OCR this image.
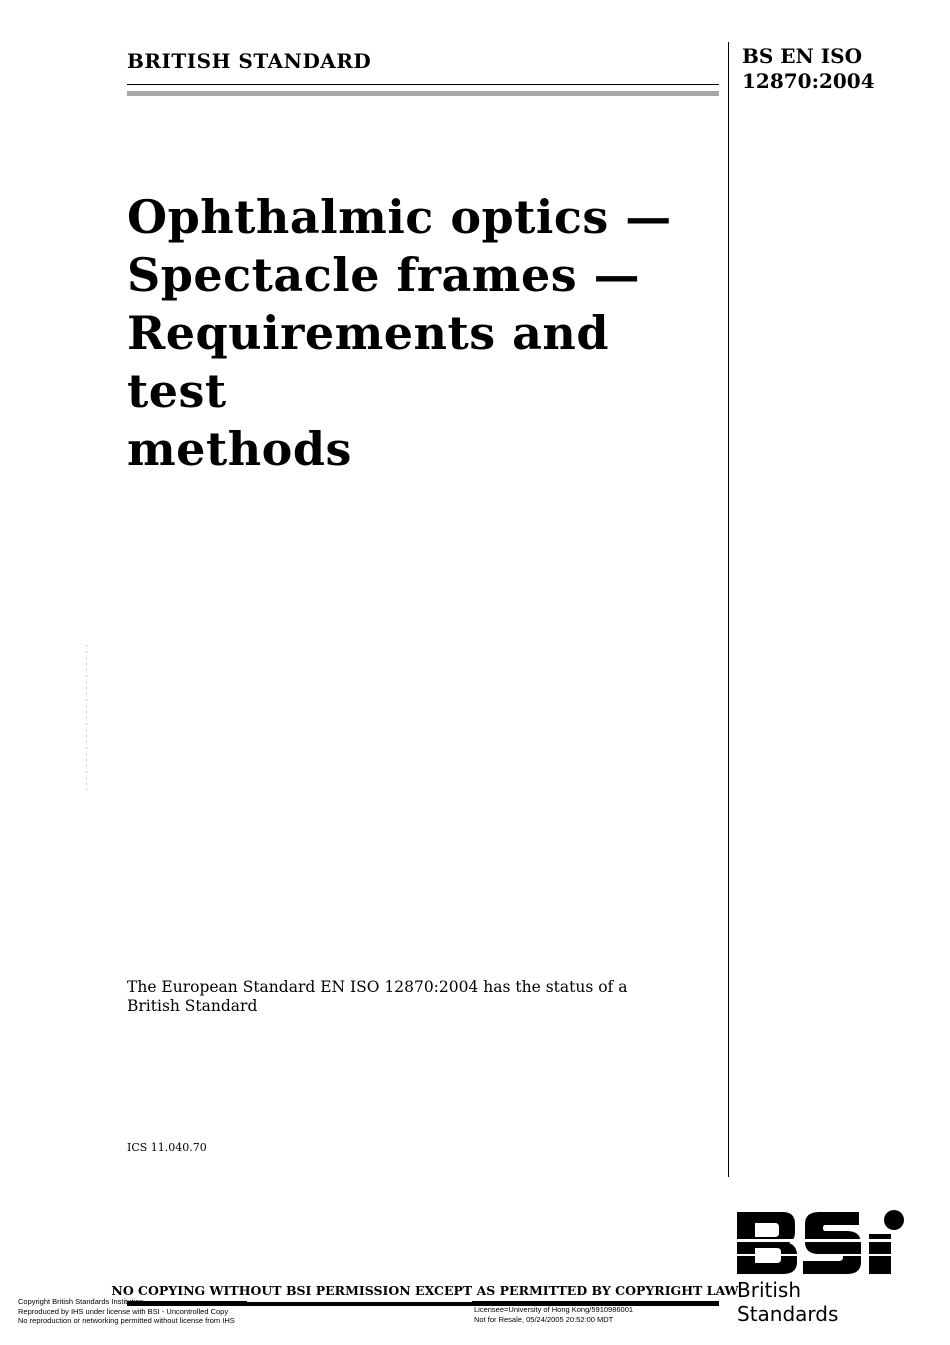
BRITISH STANDARD	BS EN ISO
12870:2004
Ophthalmic optics —
Spectacle frames —
Requirements and test
methods
The European Standard EN ISO 12870:2004 has the status of a
British Standard
ICS 11.040.70
British Standards
NO COPYING WITHOUT BSI PERMISSION EXCEPT AS PERMITTED BY COPYRIGHT LAW
Copyright British Standards Institution
Reproduced by IHS under license with BSI - Uncontrolled Copy
No reproduction or networking permitted without license from IHS
Licensee=University of Hong Kong/5910986001
Not for Resale, 05/24/2005 20:52:00 MDT
